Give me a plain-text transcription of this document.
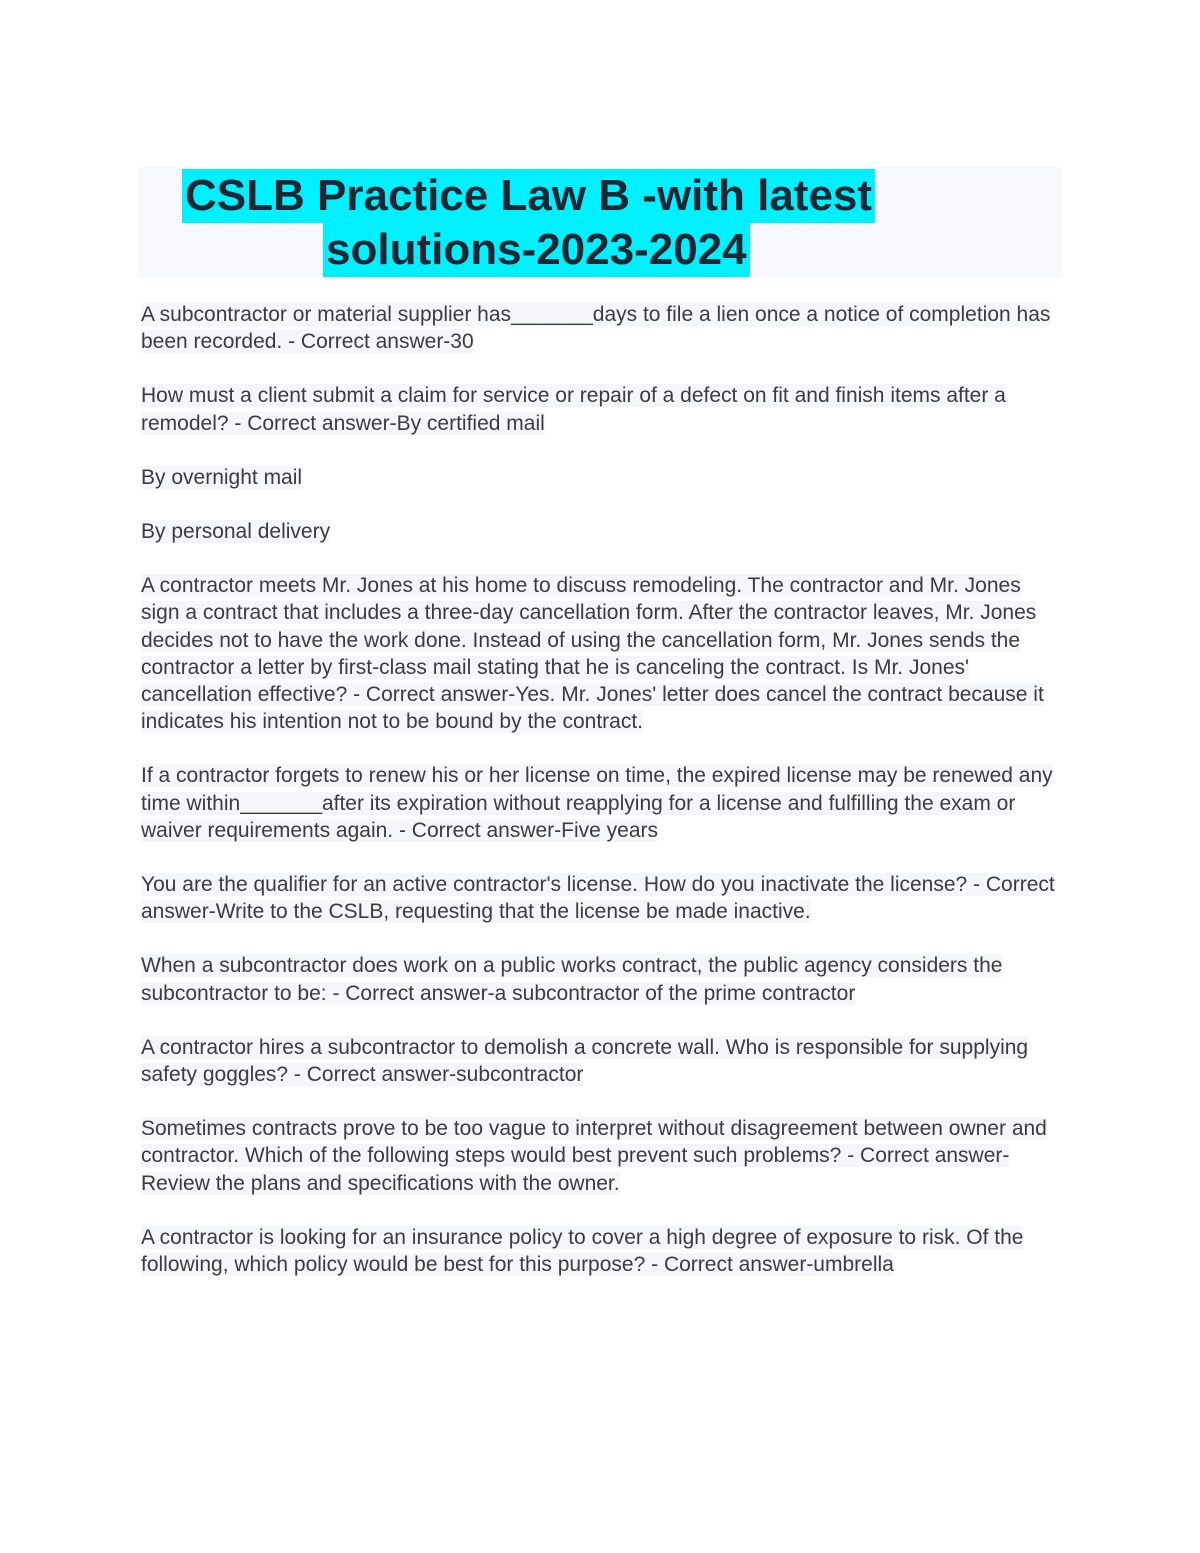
CSLB Practice Law B -with latest
solutions-2023-2024

A subcontractor or material supplier has_______days to file a lien once a notice of completion has been recorded. - Correct answer-30

How must a client submit a claim for service or repair of a defect on fit and finish items after a remodel? - Correct answer-By certified mail

By overnight mail

By personal delivery

A contractor meets Mr. Jones at his home to discuss remodeling. The contractor and Mr. Jones sign a contract that includes a three-day cancellation form. After the contractor leaves, Mr. Jones decides not to have the work done. Instead of using the cancellation form, Mr. Jones sends the contractor a letter by first-class mail stating that he is canceling the contract. Is Mr. Jones' cancellation effective? - Correct answer-Yes. Mr. Jones' letter does cancel the contract because it indicates his intention not to be bound by the contract.

If a contractor forgets to renew his or her license on time, the expired license may be renewed any time within_______after its expiration without reapplying for a license and fulfilling the exam or waiver requirements again. - Correct answer-Five years

You are the qualifier for an active contractor's license. How do you inactivate the license? - Correct answer-Write to the CSLB, requesting that the license be made inactive.

When a subcontractor does work on a public works contract, the public agency considers the subcontractor to be: - Correct answer-a subcontractor of the prime contractor

A contractor hires a subcontractor to demolish a concrete wall. Who is responsible for supplying safety goggles? - Correct answer-subcontractor

Sometimes contracts prove to be too vague to interpret without disagreement between owner and contractor. Which of the following steps would best prevent such problems? - Correct answer-Review the plans and specifications with the owner.

A contractor is looking for an insurance policy to cover a high degree of exposure to risk. Of the following, which policy would be best for this purpose? - Correct answer-umbrella
